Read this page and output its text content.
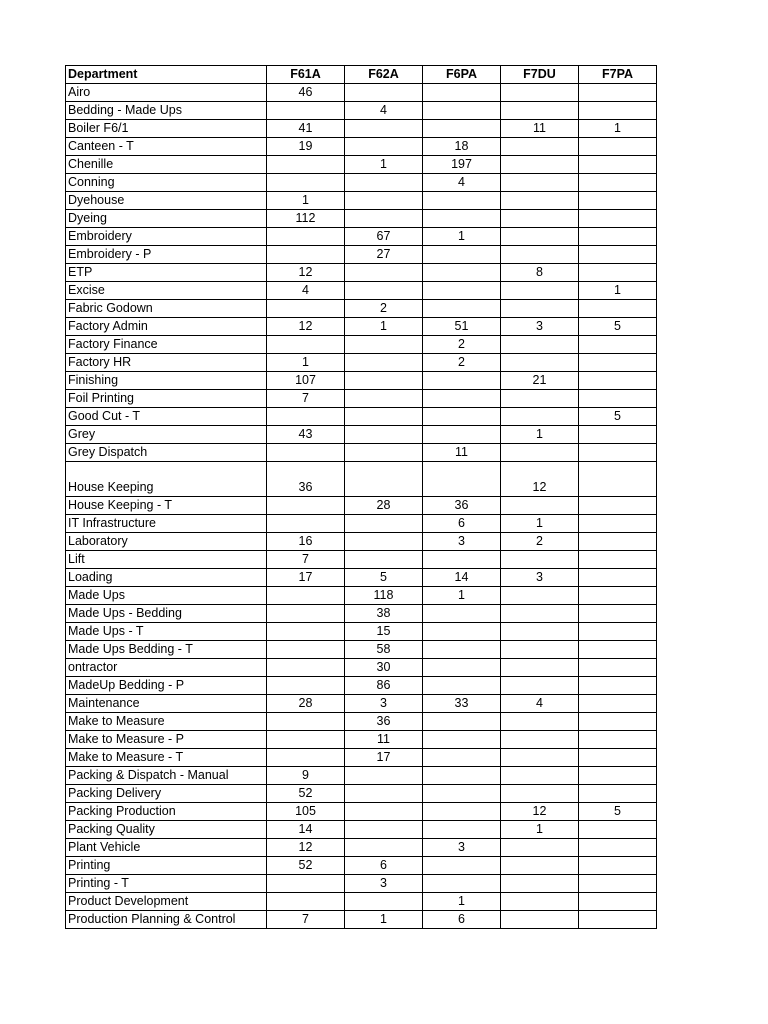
Department	F61A	F62A	F6PA	F7DU	F7PA
Airo	46				
Bedding - Made Ups		4			
Boiler F6/1	41			11	1
Canteen - T	19		18		
Chenille		1	197		
Conning			4		
Dyehouse	1				
Dyeing	112				
Embroidery		67	1		
Embroidery - P		27			
ETP	12			8	
Excise	4				1
Fabric Godown		2			
Factory Admin	12	1	51	3	5
Factory Finance			2		
Factory HR	1		2		
Finishing	107			21	
Foil Printing	7				
Good Cut - T					5
Grey	43			1	
Grey Dispatch			11		
House Keeping	36			12	
House Keeping - T		28	36		
IT Infrastructure			6	1	
Laboratory	16		3	2	
Lift	7				
Loading	17	5	14	3	
Made Ups		118	1		
Made Ups - Bedding		38			
Made Ups - T		15			
Made Ups Bedding - T		58			
ontractor		30			
MadeUp Bedding - P		86			
Maintenance	28	3	33	4	
Make to Measure		36			
Make to Measure - P		11			
Make to Measure - T		17			
Packing & Dispatch - Manual	9				
Packing Delivery	52				
Packing Production	105			12	5
Packing Quality	14			1	
Plant Vehicle	12		3		
Printing	52	6			
Printing - T		3			
Product Development			1		
Production Planning & Control	7	1	6		
